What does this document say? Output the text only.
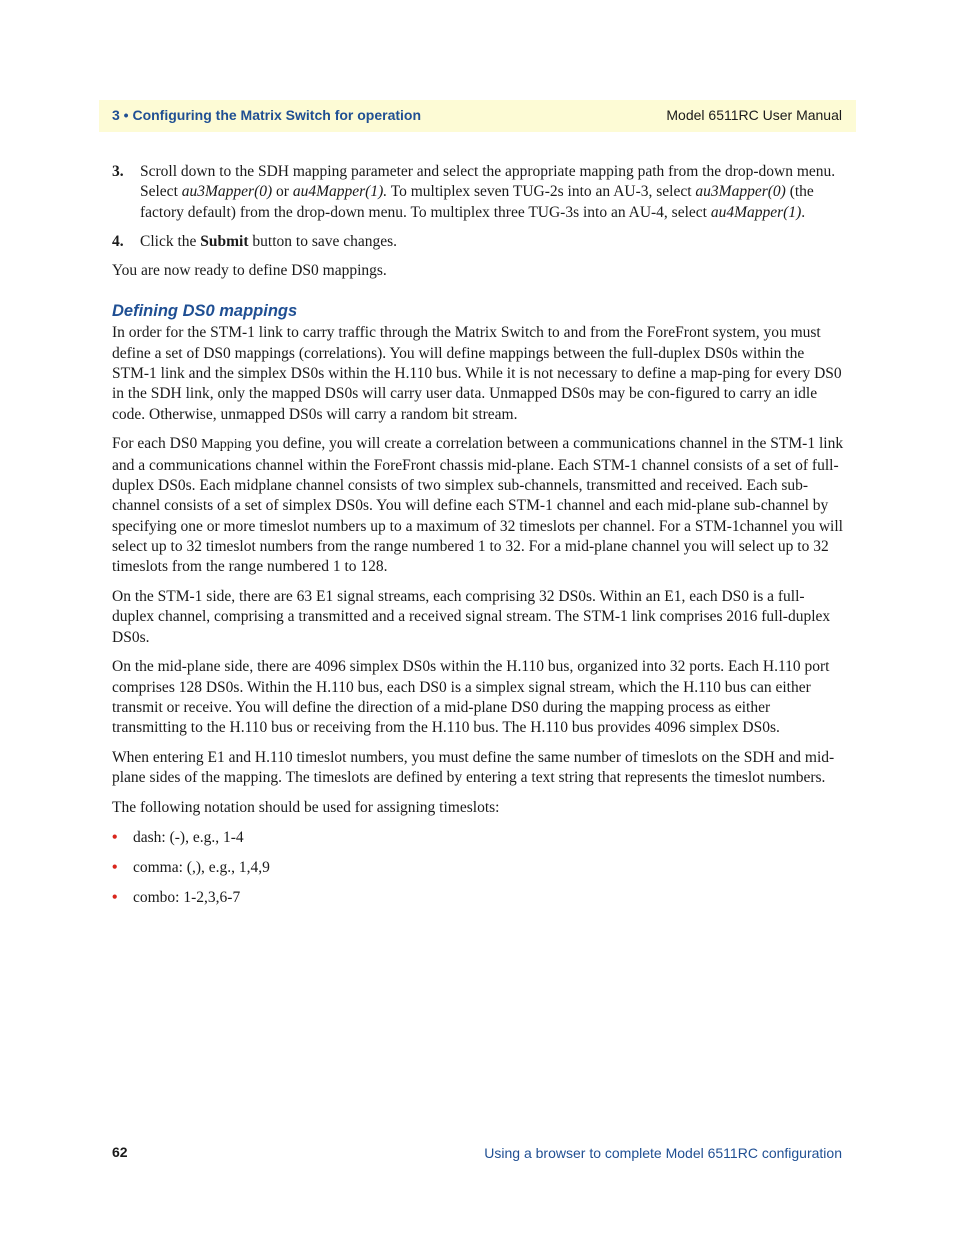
3 • Configuring the Matrix Switch for operation	Model 6511RC User Manual
3. Scroll down to the SDH mapping parameter and select the appropriate mapping path from the drop-down menu. Select au3Mapper(0) or au4Mapper(1). To multiplex seven TUG-2s into an AU-3, select au3Mapper(0) (the factory default) from the drop-down menu. To multiplex three TUG-3s into an AU-4, select au4Mapper(1).
4. Click the Submit button to save changes.

You are now ready to define DS0 mappings.

Defining DS0 mappings

In order for the STM-1 link to carry traffic through the Matrix Switch to and from the ForeFront system, you must define a set of DS0 mappings (correlations). You will define mappings between the full-duplex DS0s within the STM-1 link and the simplex DS0s within the H.110 bus. While it is not necessary to define a map-ping for every DS0 in the SDH link, only the mapped DS0s will carry user data. Unmapped DS0s may be con-figured to carry an idle code. Otherwise, unmapped DS0s will carry a random bit stream.

For each DS0 Mapping you define, you will create a correlation between a communications channel in the STM-1 link and a communications channel within the ForeFront chassis mid-plane. Each STM-1 channel consists of a set of full-duplex DS0s. Each midplane channel consists of two simplex sub-channels, transmitted and received. Each sub-channel consists of a set of simplex DS0s. You will define each STM-1 channel and each mid-plane sub-channel by specifying one or more timeslot numbers up to a maximum of 32 timeslots per channel. For a STM-1channel you will select up to 32 timeslot numbers from the range numbered 1 to 32. For a mid-plane channel you will select up to 32 timeslots from the range numbered 1 to 128.

On the STM-1 side, there are 63 E1 signal streams, each comprising 32 DS0s. Within an E1, each DS0 is a full-duplex channel, comprising a transmitted and a received signal stream. The STM-1 link comprises 2016 full-duplex DS0s.

On the mid-plane side, there are 4096 simplex DS0s within the H.110 bus, organized into 32 ports. Each H.110 port comprises 128 DS0s. Within the H.110 bus, each DS0 is a simplex signal stream, which the H.110 bus can either transmit or receive. You will define the direction of a mid-plane DS0 during the mapping process as either transmitting to the H.110 bus or receiving from the H.110 bus. The H.110 bus provides 4096 simplex DS0s.

When entering E1 and H.110 timeslot numbers, you must define the same number of timeslots on the SDH and mid-plane sides of the mapping. The timeslots are defined by entering a text string that represents the timeslot numbers.

The following notation should be used for assigning timeslots:

• dash: (-), e.g., 1-4
• comma: (,), e.g., 1,4,9
• combo: 1-2,3,6-7
62	Using a browser to complete Model 6511RC configuration
